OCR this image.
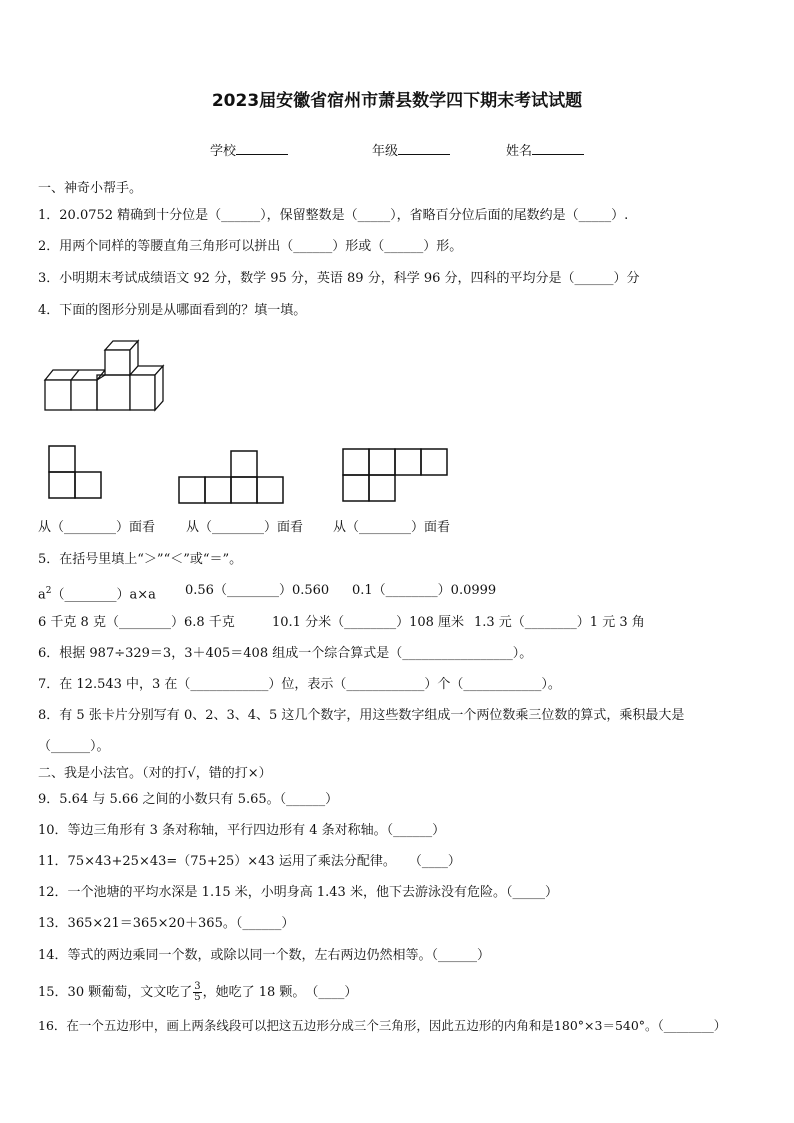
2023届安徽省宿州市萧县数学四下期末考试试题
学校	年级	姓名
一、神奇小帮手。
1．20.0752 精确到十分位是（______），保留整数是（_____），省略百分位后面的尾数约是（_____）.
2．用两个同样的等腰直角三角形可以拼出（______）形或（______）形。
3．小明期末考试成绩语文 92 分，数学 95 分，英语 89 分，科学 96 分，四科的平均分是（______）分
4．下面的图形分别是从哪面看到的？填一填。
从（________）面看 从（________）面看 从（________）面看
5．在括号里填上“＞”“＜”或“＝”。
$a^2(\_\_\_\_\_\_\_\_)a\times a$ 0.56（________）0.560 0.1（________）0.0999
6 千克 8 克（________）6.8 千克	10.1 分米（________）108 厘米 1.3 元（________）1 元 3 角
6．根据 987÷329＝3，3＋405＝408 组成一个综合算式是（_________________）。
7．在 12.543 中，3 在（____________）位，表示（____________）个（____________）。
8．有 5 张卡片分别写有 0、2、3、4、5 这几个数字，用这些数字组成一个两位数乘三位数的算式，乘积最大是
（______）。
二、我是小法官。（对的打√，错的打×）
9．5.64 与 5.66 之间的小数只有 5.65。（______）
10．等边三角形有 3 条对称轴，平行四边形有 4 条对称轴。（______）
11．75×43+25×43=（75+25）×43 运用了乘法分配律。　　（____）
12．一个池塘的平均水深是 1.15 米，小明身高 1.43 米，他下去游泳没有危险。（_____）
13．365×21＝365×20＋365。（______）
14．等式的两边乘同一个数，或除以同一个数，左右两边仍然相等。（______）
15．30 颗葡萄，文文吃了 $\frac{3}{5}$ ，她吃了 18 颗。　（____）
16．在一个五边形中，画上两条线段可以把这五边形分成三个三角形，因此五边形的内角和是180°×3＝540°。（________）
